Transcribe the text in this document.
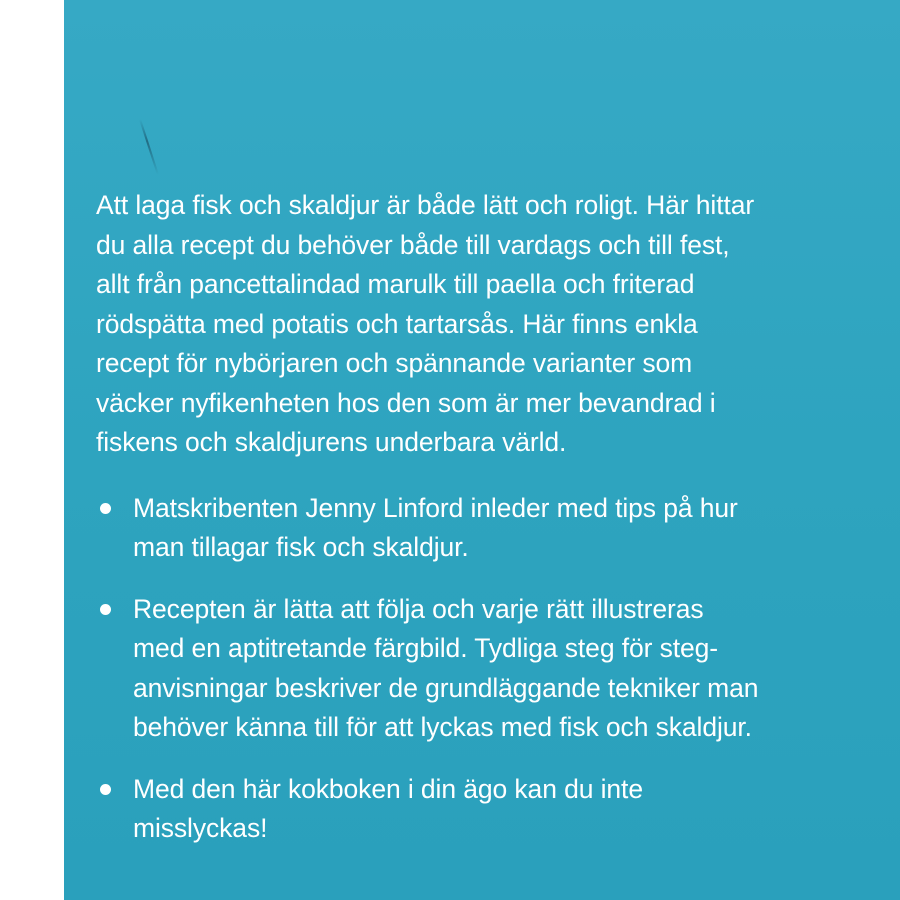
Att laga fisk och skaldjur är både lätt och roligt. Här hittar
du alla recept du behöver både till vardags och till fest,
allt från pancettalindad marulk till paella och friterad
rödspätta med potatis och tartarsås. Här finns enkla
recept för nybörjaren och spännande varianter som
väcker nyfikenheten hos den som är mer bevandrad i
fiskens och skaldjurens underbara värld.

Matskribenten Jenny Linford inleder med tips på hur
man tillagar fisk och skaldjur.
Recepten är lätta att följa och varje rätt illustreras
med en aptitretande färgbild. Tydliga steg för steg-
anvisningar beskriver de grundläggande tekniker man
behöver känna till för att lyckas med fisk och skaldjur.
Med den här kokboken i din ägo kan du inte
misslyckas!
